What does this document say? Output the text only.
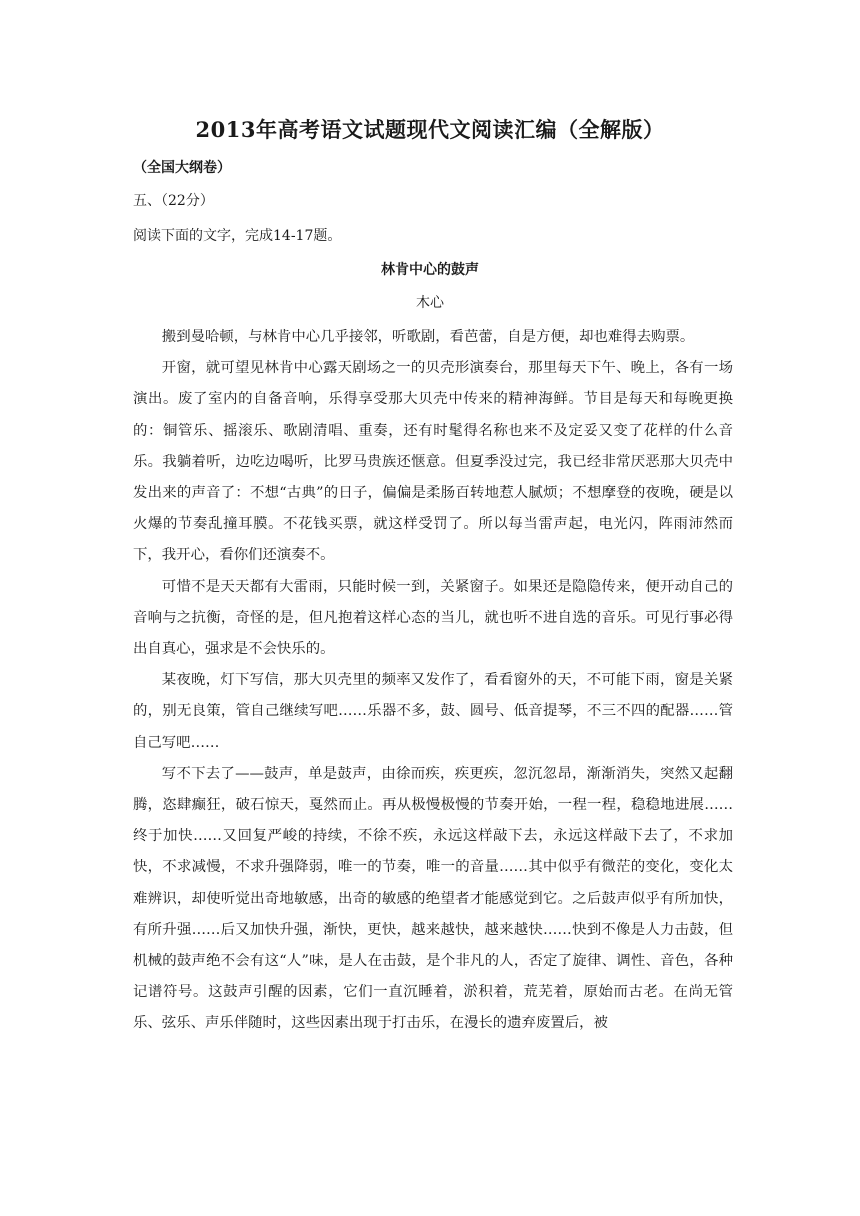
2013年高考语文试题现代文阅读汇编（全解版）
（全国大纲卷）
五、（22分）
阅读下面的文字，完成14-17题。
林肯中心的鼓声
木心

搬到曼哈顿，与林肯中心几乎接邻，听歌剧，看芭蕾，自是方便，却也难得去购票。

开窗，就可望见林肯中心露天剧场之一的贝壳形演奏台，那里每天下午、晚上，各有一场演出。废了室内的自备音响，乐得享受那大贝壳中传来的精神海鲜。节目是每天和每晚更换的：铜管乐、摇滚乐、歌剧清唱、重奏，还有时髦得名称也来不及定妥又变了花样的什么音乐。我躺着听，边吃边喝听，比罗马贵族还惬意。但夏季没过完，我已经非常厌恶那大贝壳中发出来的声音了：不想“古典”的日子，偏偏是柔肠百转地惹人腻烦；不想摩登的夜晚，硬是以火爆的节奏乱撞耳膜。不花钱买票，就这样受罚了。所以每当雷声起，电光闪，阵雨沛然而下，我开心，看你们还演奏不。

可惜不是天天都有大雷雨，只能时候一到，关紧窗子。如果还是隐隐传来，便开动自己的音响与之抗衡，奇怪的是，但凡抱着这样心态的当儿，就也听不进自选的音乐。可见行事必得出自真心，强求是不会快乐的。

某夜晚，灯下写信，那大贝壳里的频率又发作了，看看窗外的天，不可能下雨，窗是关紧的，别无良策，管自己继续写吧……乐器不多，鼓、圆号、低音提琴，不三不四的配器……管自己写吧……

写不下去了——鼓声，单是鼓声，由徐而疾，疾更疾，忽沉忽昂，渐渐消失，突然又起翻腾，恣肆癫狂，破石惊天，戛然而止。再从极慢极慢的节奏开始，一程一程，稳稳地进展……终于加快……又回复严峻的持续，不徐不疾，永远这样敲下去，永远这样敲下去了，不求加快，不求减慢，不求升强降弱，唯一的节奏，唯一的音量……其中似乎有微茫的变化，变化太难辨识，却使听觉出奇地敏感，出奇的敏感的绝望者才能感觉到它。之后鼓声似乎有所加快，有所升强……后又加快升强，渐快，更快，越来越快，越来越快……快到不像是人力击鼓，但机械的鼓声绝不会有这“人”味，是人在击鼓，是个非凡的人，否定了旋律、调性、音色，各种记谱符号。这鼓声引醒的因素，它们一直沉睡着，淤积着，荒芜着，原始而古老。在尚无管乐、弦乐、声乐伴随时，这些因素出现于打击乐，在漫长的遗弃废置后，被
